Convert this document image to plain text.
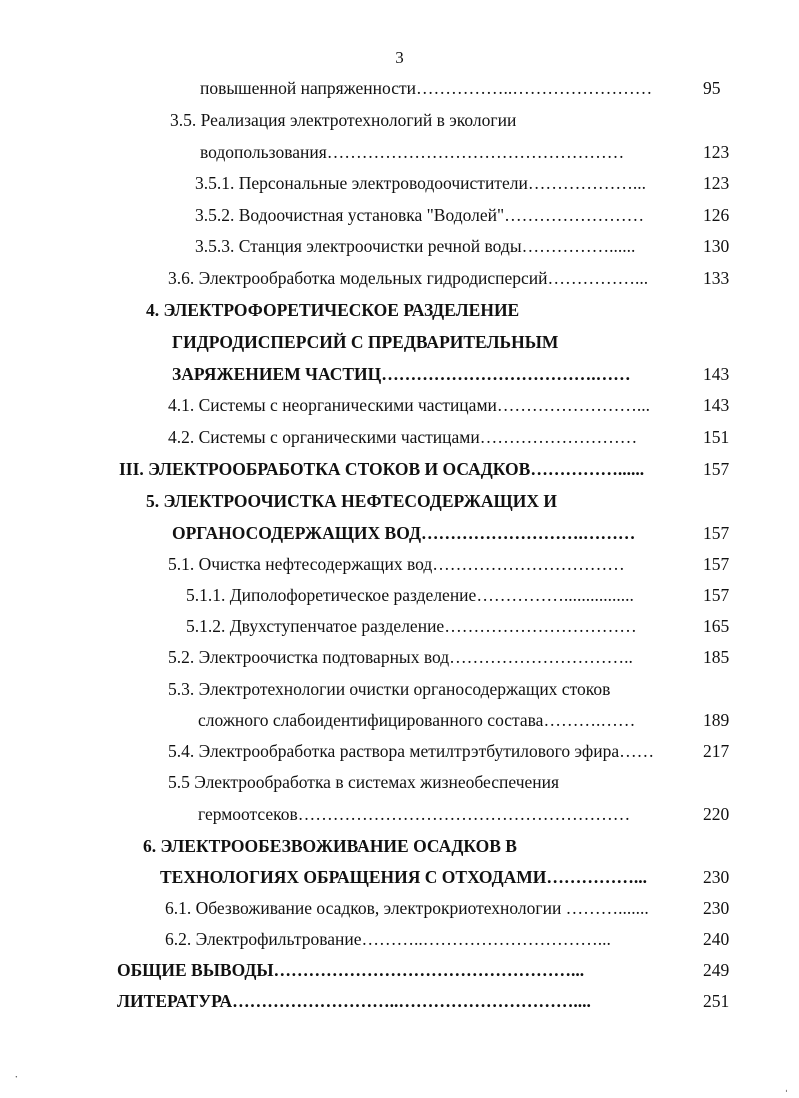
3
повышенной напряженности……………..……………………	95
3.5. Реализация электротехнологий в экологии
водопользования……………………………………………	123
3.5.1. Персональные электроводоочистители………………...	123
3.5.2. Водоочистная установка "Водолей"……………………	126
3.5.3. Станция электроочистки речной воды……………......	130
3.6. Электрообработка модельных гидродисперсий……………...	133
4. ЭЛЕКТРОФОРЕТИЧЕСКОЕ РАЗДЕЛЕНИЕ
ГИДРОДИСПЕРСИЙ С ПРЕДВАРИТЕЛЬНЫМ
ЗАРЯЖЕНИЕМ ЧАСТИЦ……………………………….……	143
4.1. Системы с неорганическими частицами……………………...	143
4.2. Системы с органическими частицами………………………	151
III. ЭЛЕКТРООБРАБОТКА СТОКОВ И ОСАДКОВ……………......	157
5. ЭЛЕКТРООЧИСТКА НЕФТЕСОДЕРЖАЩИХ И
ОРГАНОСОДЕРЖАЩИХ ВОД……………………….………	157
5.1. Очистка нефтесодержащих вод……………………………	157
5.1.1. Диполофоретическое разделение……………................	157
5.1.2. Двухступенчатое разделение……………………………	165
5.2. Электроочистка подтоварных вод…………………………..	185
5.3. Электротехнологии очистки органосодержащих стоков
сложного слабоидентифицированного состава……….……	189
5.4. Электрообработка раствора метилтрэтбутилового эфира……	217
5.5 Электрообработка в системах жизнеобеспечения
гермоотсеков…………………………………………………	220
6. ЭЛЕКТРООБЕЗВОЖИВАНИЕ ОСАДКОВ В
ТЕХНОЛОГИЯХ ОБРАЩЕНИЯ С ОТХОДАМИ……………...	230
6.1. Обезвоживание осадков, электрокриотехнологии ……….......	230
6.2. Электрофильтрование………..…………………………...	240
ОБЩИЕ ВЫВОДЫ……………………………………………...	249
ЛИТЕРАТУРА………………………..…………………………....	251
˙	ˌ
